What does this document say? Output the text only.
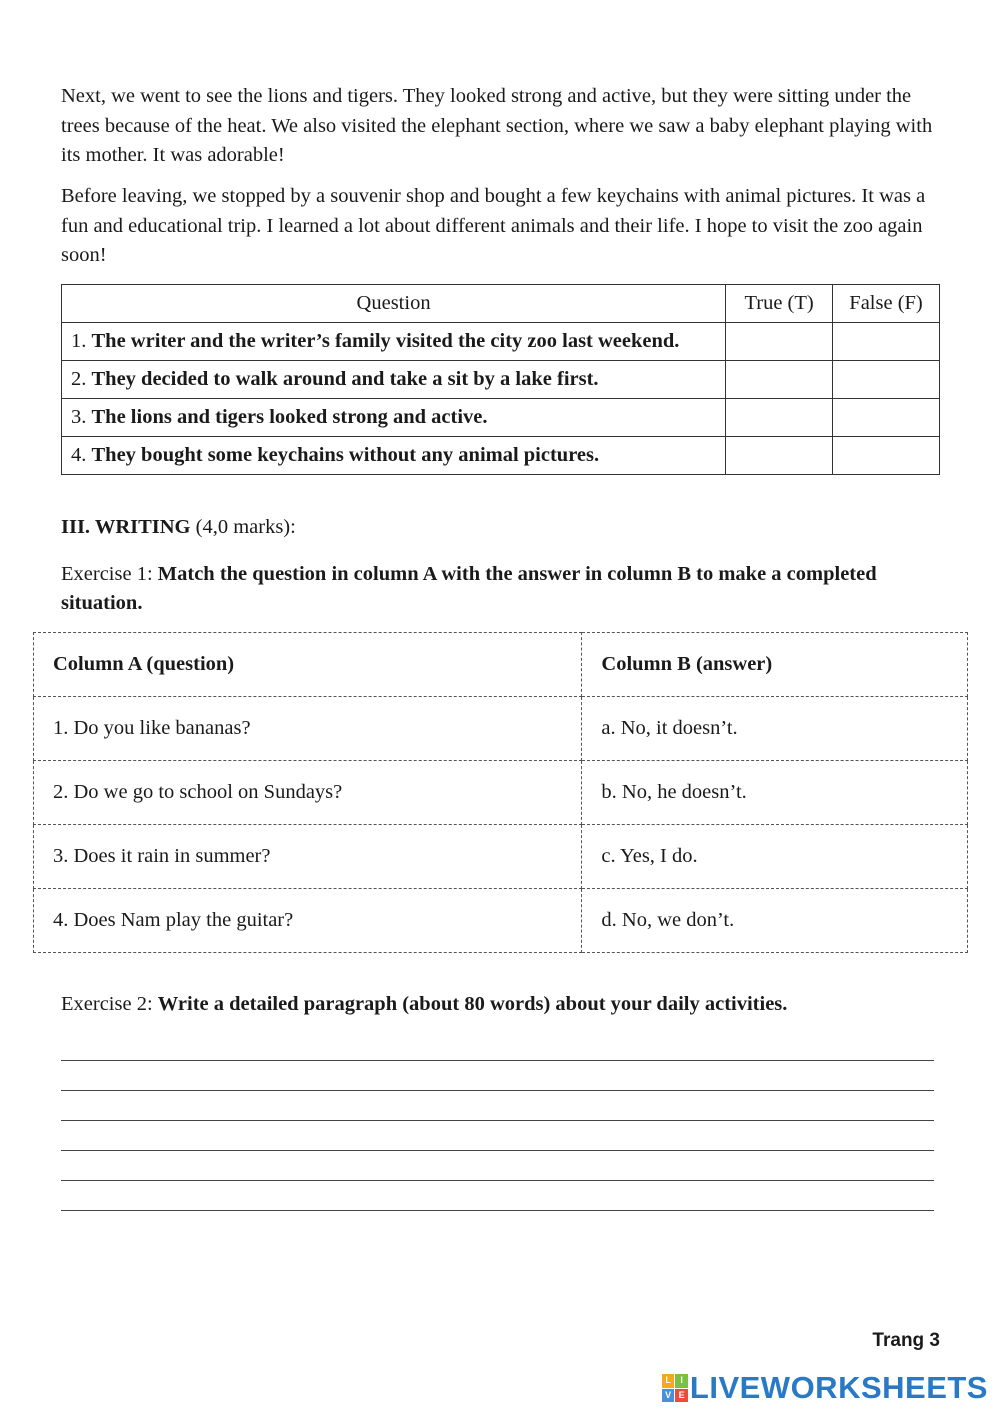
Next, we went to see the lions and tigers. They looked strong and active, but they were sitting under the trees because of the heat. We also visited the elephant section, where we saw a baby elephant playing with its mother. It was adorable!

Before leaving, we stopped by a souvenir shop and bought a few keychains with animal pictures. It was a fun and educational trip. I learned a lot about different animals and their life. I hope to visit the zoo again soon!

Question	True (T)	False (F)
1. The writer and the writer’s family visited the city zoo last weekend.		
2. They decided to walk around and take a sit by a lake first.		
3. The lions and tigers looked strong and active.		
4. They bought some keychains without any animal pictures.		

III. WRITING (4,0 marks):

Exercise 1: Match the question in column A with the answer in column B to make a completed situation.

Column A (question)	Column B (answer)
1. Do you like bananas?	a. No, it doesn’t.
2. Do we go to school on Sundays?	b. No, he doesn’t.
3. Does it rain in summer?	c. Yes, I do.
4. Does Nam play the guitar?	d. No, we don’t.

Exercise 2: Write a detailed paragraph (about 80 words) about your daily activities.

Trang 3
L	I
V E LIVEWORKSHEETS
